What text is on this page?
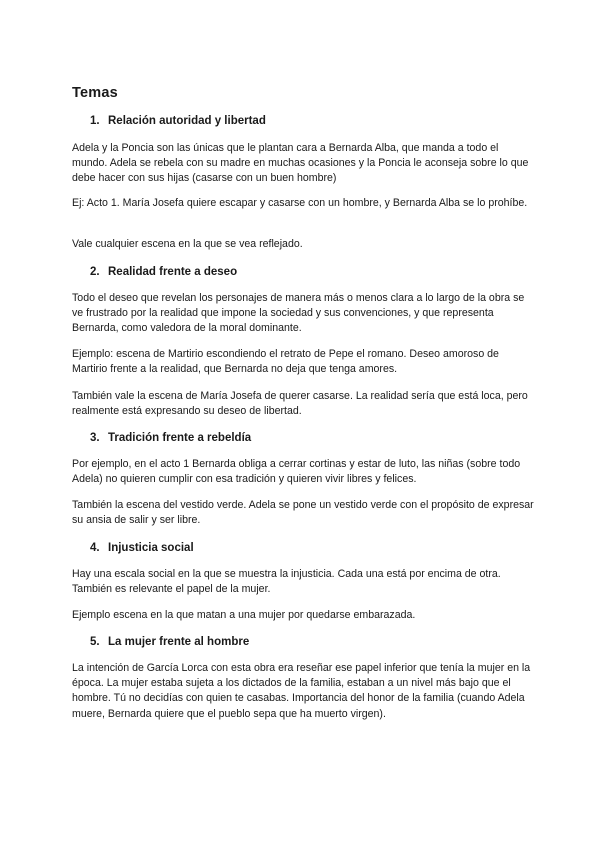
Temas
1. Relación autoridad y libertad

Adela y la Poncia son las únicas que le plantan cara a Bernarda Alba, que manda a todo el mundo. Adela se rebela con su madre en muchas ocasiones y la Poncia le aconseja sobre lo que debe hacer con sus hijas (casarse con un buen hombre)

Ej: Acto 1. María Josefa quiere escapar y casarse con un hombre, y Bernarda Alba se lo prohíbe.

Vale cualquier escena en la que se vea reflejado.

2. Realidad frente a deseo

Todo el deseo que revelan los personajes de manera más o menos clara a lo largo de la obra se ve frustrado por la realidad que impone la sociedad y sus convenciones, y que representa Bernarda, como valedora de la moral dominante.

Ejemplo: escena de Martirio escondiendo el retrato de Pepe el romano. Deseo amoroso de Martirio frente a la realidad, que Bernarda no deja que tenga amores.

También vale la escena de María Josefa de querer casarse. La realidad sería que está loca, pero realmente está expresando su deseo de libertad.

3. Tradición frente a rebeldía

Por ejemplo, en el acto 1 Bernarda obliga a cerrar cortinas y estar de luto, las niñas (sobre todo Adela) no quieren cumplir con esa tradición y quieren vivir libres y felices.

También la escena del vestido verde. Adela se pone un vestido verde con el propósito de expresar su ansia de salir y ser libre.

4. Injusticia social

Hay una escala social en la que se muestra la injusticia. Cada una está por encima de otra. También es relevante el papel de la mujer.

Ejemplo escena en la que matan a una mujer por quedarse embarazada.

5. La mujer frente al hombre

La intención de García Lorca con esta obra era reseñar ese papel inferior que tenía la mujer en la época. La mujer estaba sujeta a los dictados de la familia, estaban a un nivel más bajo que el hombre. Tú no decidías con quien te casabas. Importancia del honor de la familia (cuando Adela muere, Bernarda quiere que el pueblo sepa que ha muerto virgen).
